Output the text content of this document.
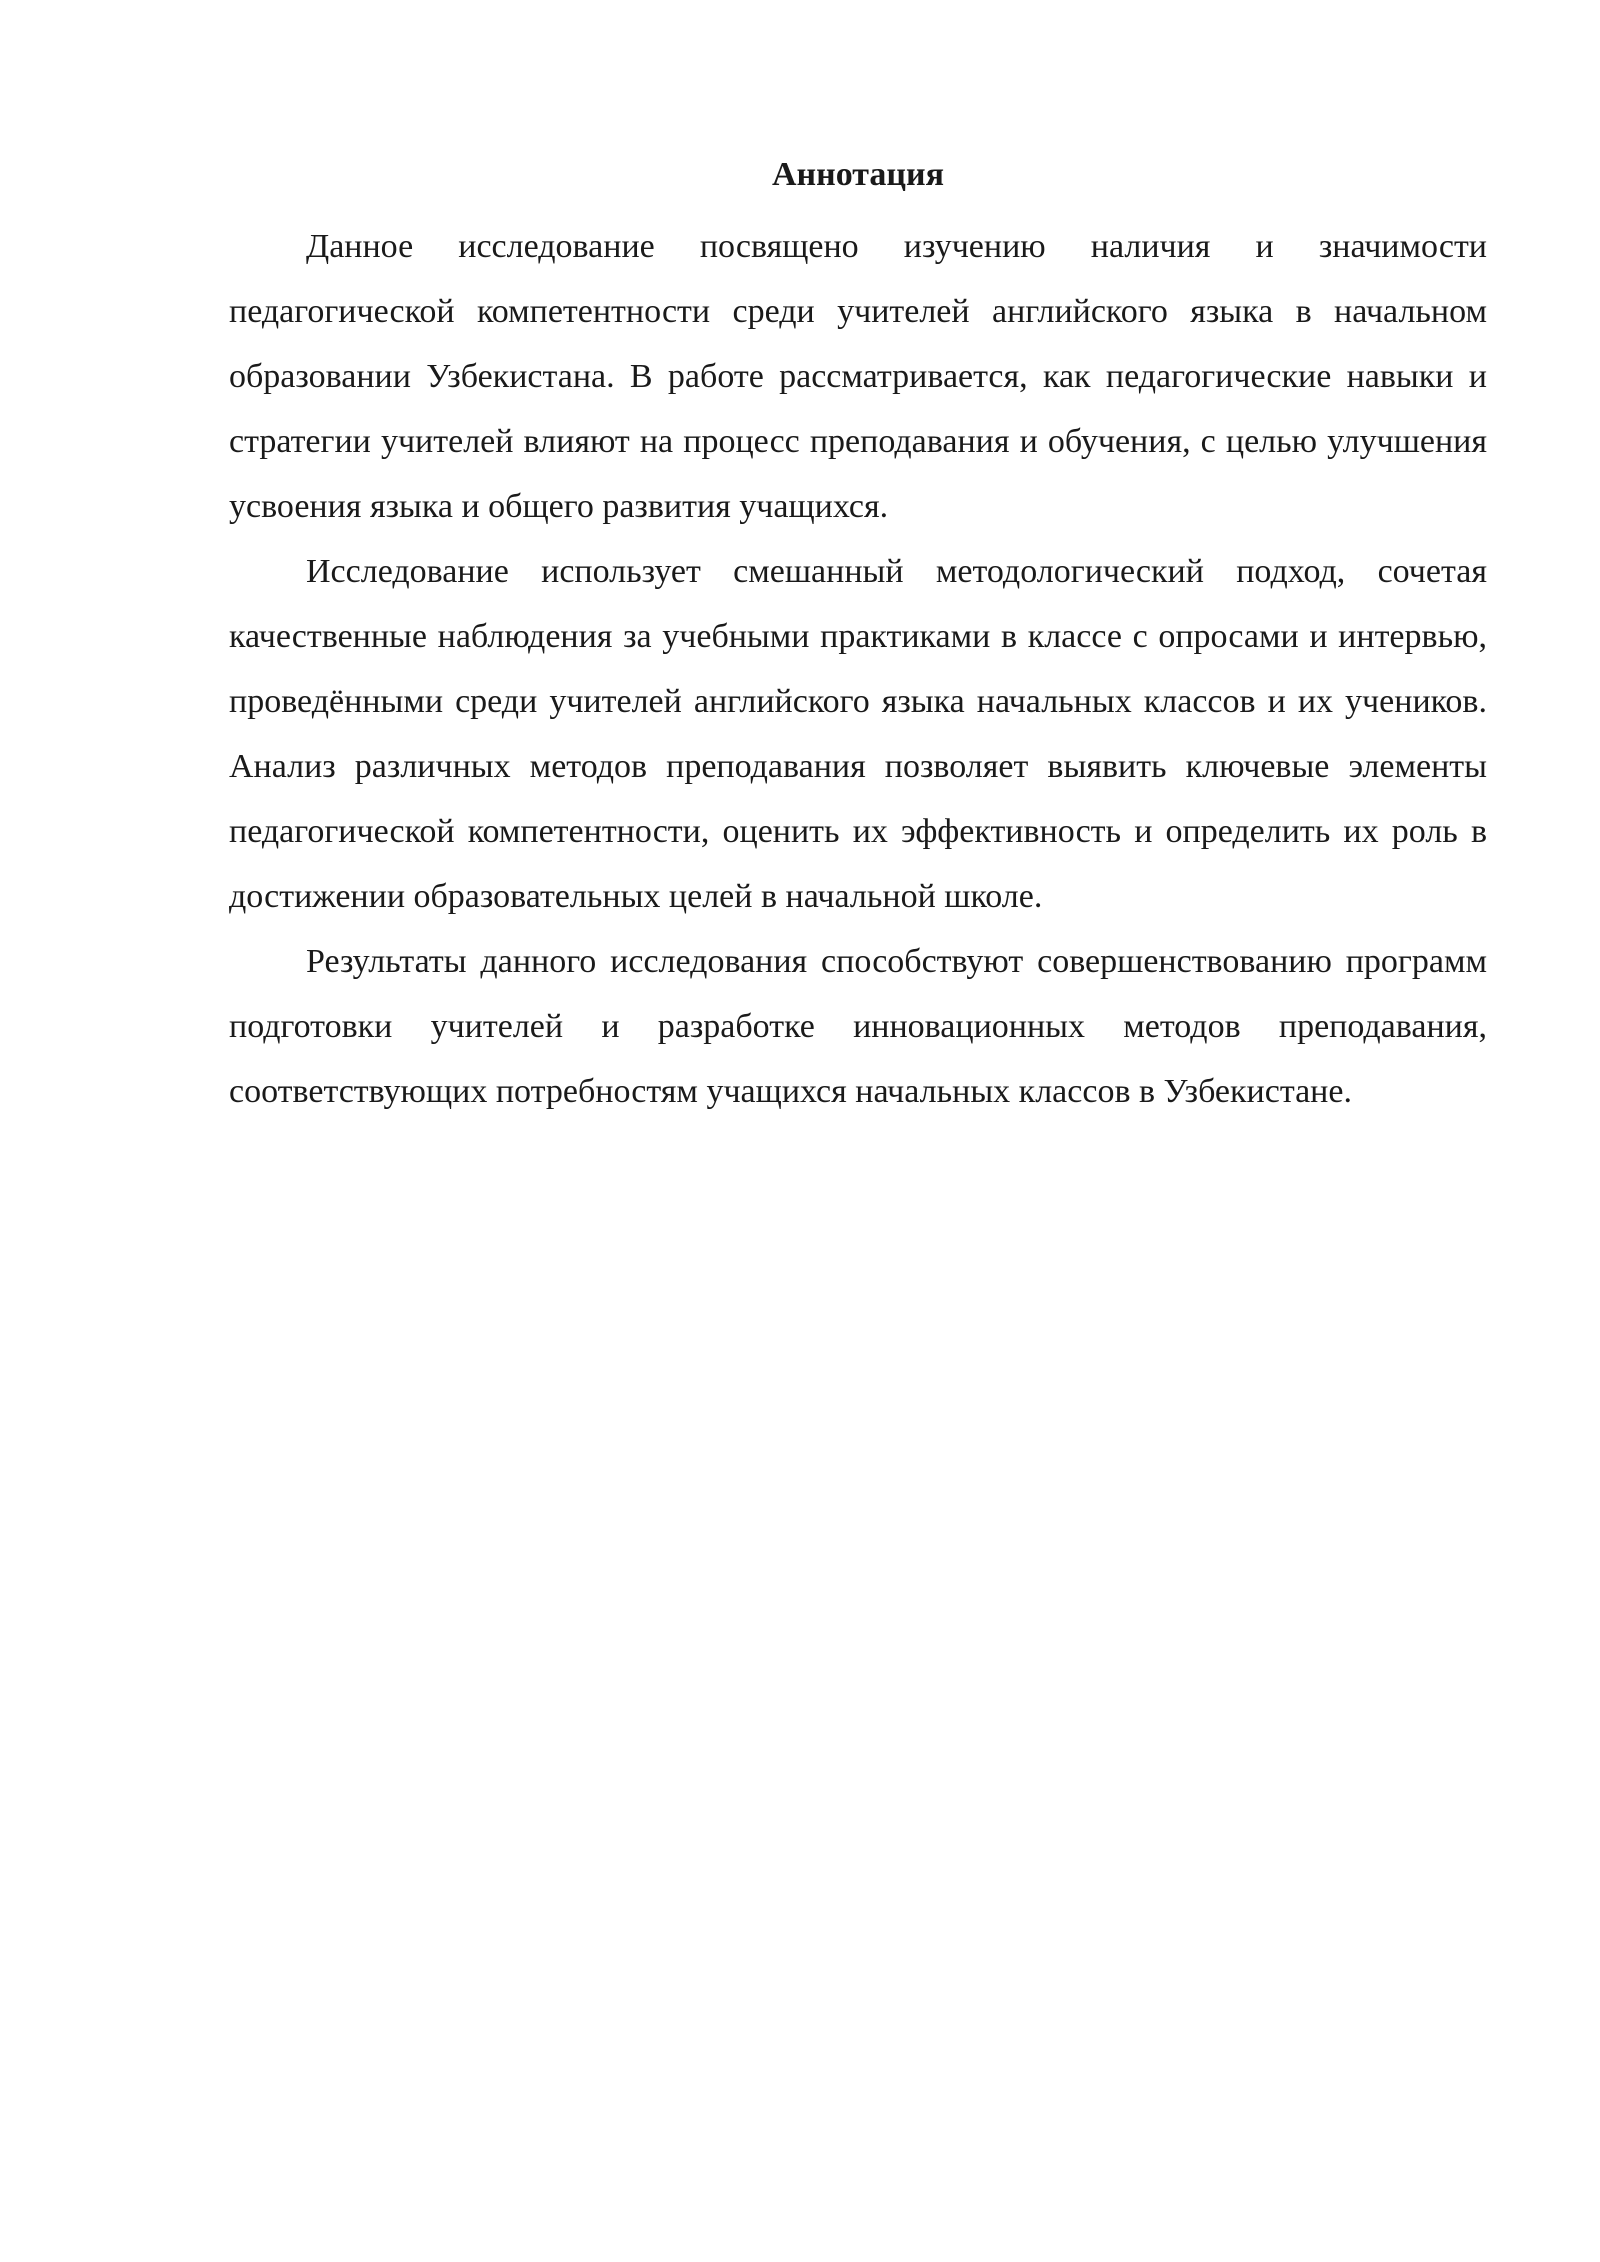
Аннотация

Данное исследование посвящено изучению наличия и значимости педагогической компетентности среди учителей английского языка в начальном образовании Узбекистана. В работе рассматривается, как педагогические навыки и стратегии учителей влияют на процесс преподавания и обучения, с целью улучшения усвоения языка и общего развития учащихся.

Исследование использует смешанный методологический подход, сочетая качественные наблюдения за учебными практиками в классе с опросами и интервью, проведёнными среди учителей английского языка начальных классов и их учеников. Анализ различных методов преподавания позволяет выявить ключевые элементы педагогической компетентности, оценить их эффективность и определить их роль в достижении образовательных целей в начальной школе.

Результаты данного исследования способствуют совершенствованию программ подготовки учителей и разработке инновационных методов преподавания, соответствующих потребностям учащихся начальных классов в Узбекистане.
